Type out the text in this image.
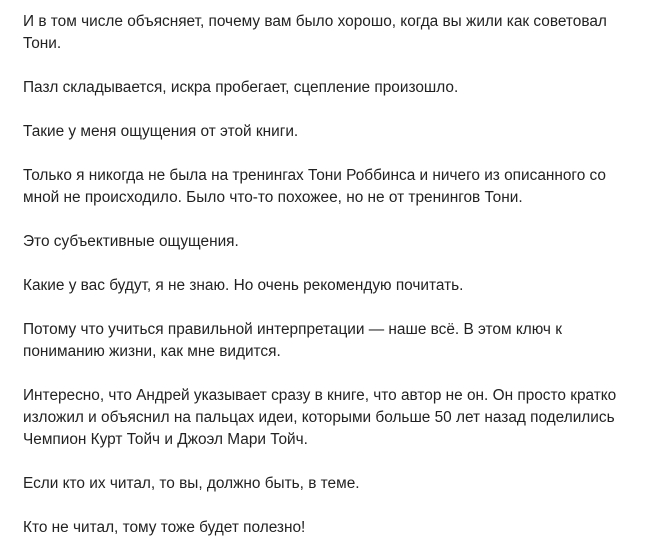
И в том числе объясняет, почему вам было хорошо, когда вы жили как советовал Тони.

Пазл складывается, искра пробегает, сцепление произошло.

Такие у меня ощущения от этой книги.

Только я никогда не была на тренингах Тони Роббинса и ничего из описанного со мной не происходило. Было что-то похожее, но не от тренингов Тони.

Это субъективные ощущения.

Какие у вас будут, я не знаю. Но очень рекомендую почитать.

Потому что учиться правильной интерпретации — наше всё. В этом ключ к пониманию жизни, как мне видится.

Интересно, что Андрей указывает сразу в книге, что автор не он. Он просто кратко изложил и объяснил на пальцах идеи, которыми больше 50 лет назад поделились Чемпион Курт Тойч и Джоэл Мари Тойч.

Если кто их читал, то вы, должно быть, в теме.

Кто не читал, тому тоже будет полезно!
